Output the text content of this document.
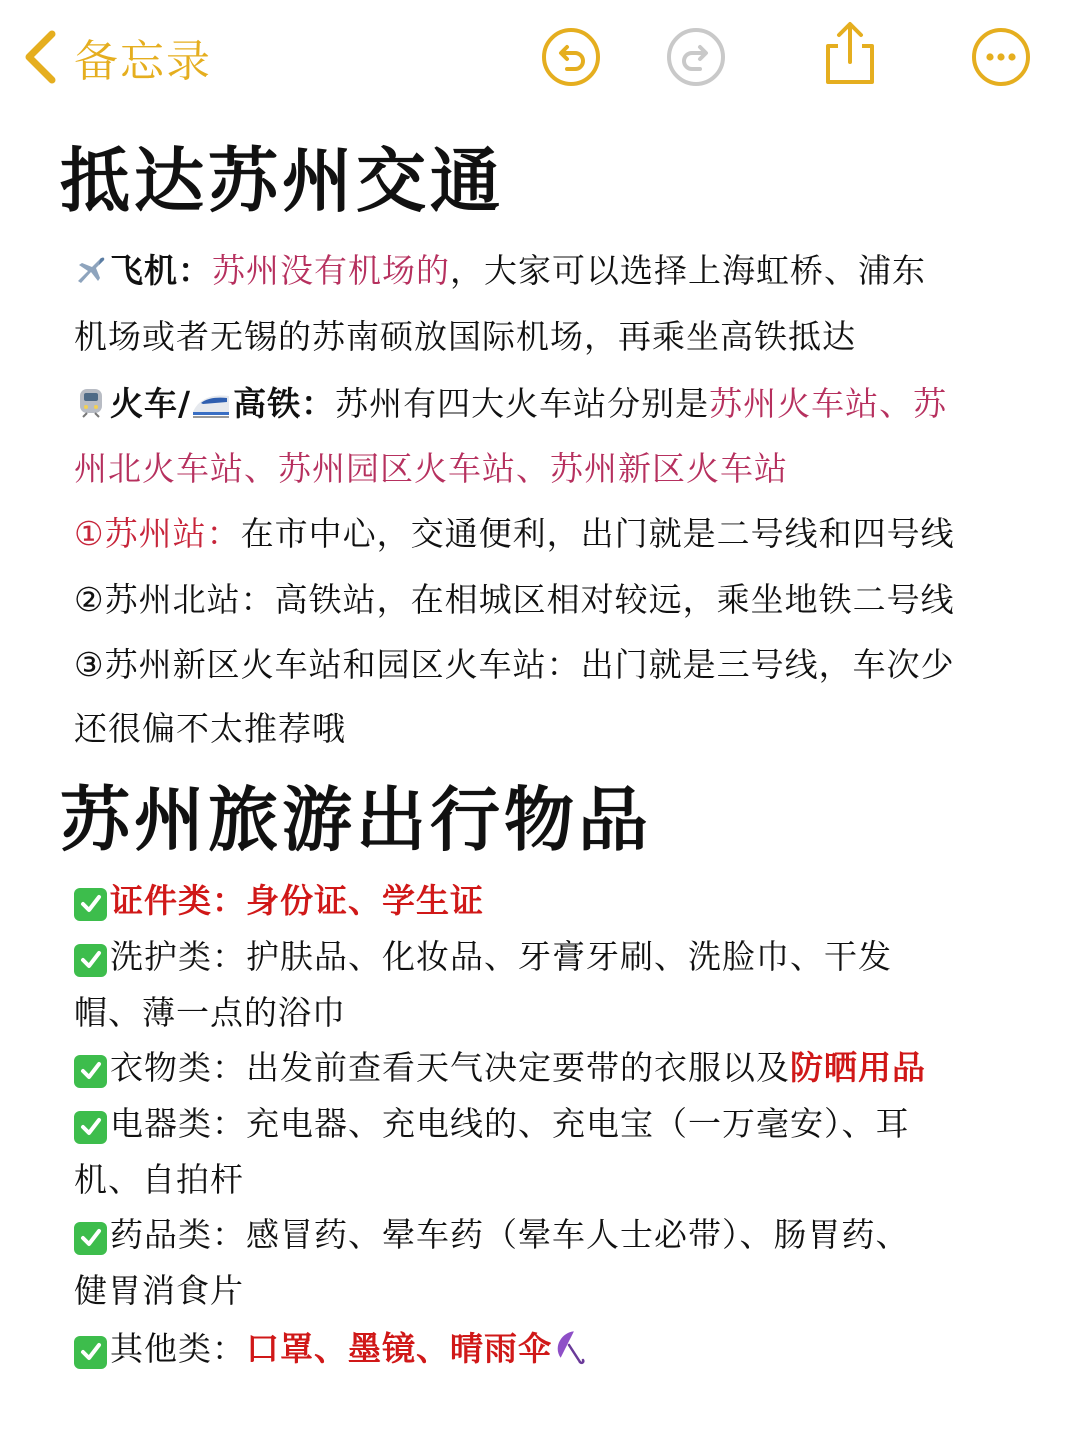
备忘录
抵达苏州交通
飞机：苏州没有机场的，大家可以选择上海虹桥、浦东
机场或者无锡的苏南硕放国际机场，再乘坐高铁抵达
火车/ 高铁：苏州有四大火车站分别是苏州火车站、苏
州北火车站、苏州园区火车站、苏州新区火车站
①苏州站：在市中心，交通便利，出门就是二号线和四号线
②苏州北站：高铁站，在相城区相对较远，乘坐地铁二号线
③苏州新区火车站和园区火车站：出门就是三号线，车次少
还很偏不太推荐哦
苏州旅游出行物品
证件类：身份证、学生证
洗护类：护肤品、化妆品、牙膏牙刷、洗脸巾、干发
帽、薄一点的浴巾
衣物类：出发前查看天气决定要带的衣服以及防晒用品
电器类：充电器、充电线的、充电宝（一万毫安）、耳
机、自拍杆
药品类：感冒药、晕车药（晕车人士必带）、肠胃药、
健胃消食片
其他类：口罩、墨镜、晴雨伞
